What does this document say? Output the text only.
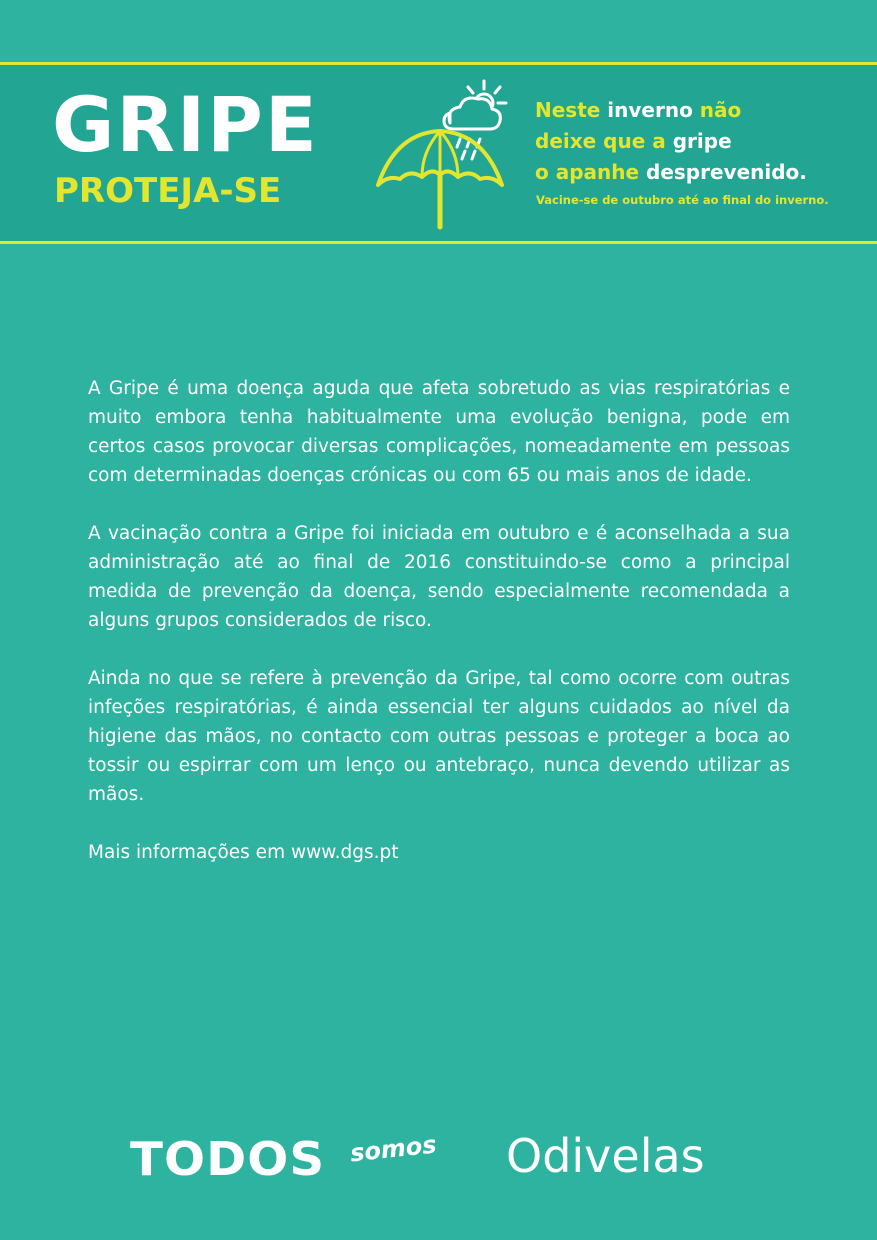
GRIPE
PROTEJA-SE
Neste inverno não
deixe que a gripe
o apanhe desprevenido.
Vacine-se de outubro até ao final do inverno.

A Gripe é uma doença aguda que afeta sobretudo as vias respiratórias e muito embora tenha habitualmente uma evolução benigna, pode em certos casos provocar diversas complicações, nomeadamente em pessoas com determinadas doenças crónicas ou com 65 ou mais anos de idade.

A vacinação contra a Gripe foi iniciada em outubro e é aconselhada a sua administração até ao final de 2016 constituindo-se como a principal medida de prevenção da doença, sendo especialmente recomendada a alguns grupos considerados de risco.

Ainda no que se refere à prevenção da Gripe, tal como ocorre com outras infeções respiratórias, é ainda essencial ter alguns cuidados ao nível da higiene das mãos, no contacto com outras pessoas e proteger a boca ao tossir ou espirrar com um lenço ou antebraço, nunca devendo utilizar as mãos.

Mais informações em www.dgs.pt

TODOS somos Odivelas
